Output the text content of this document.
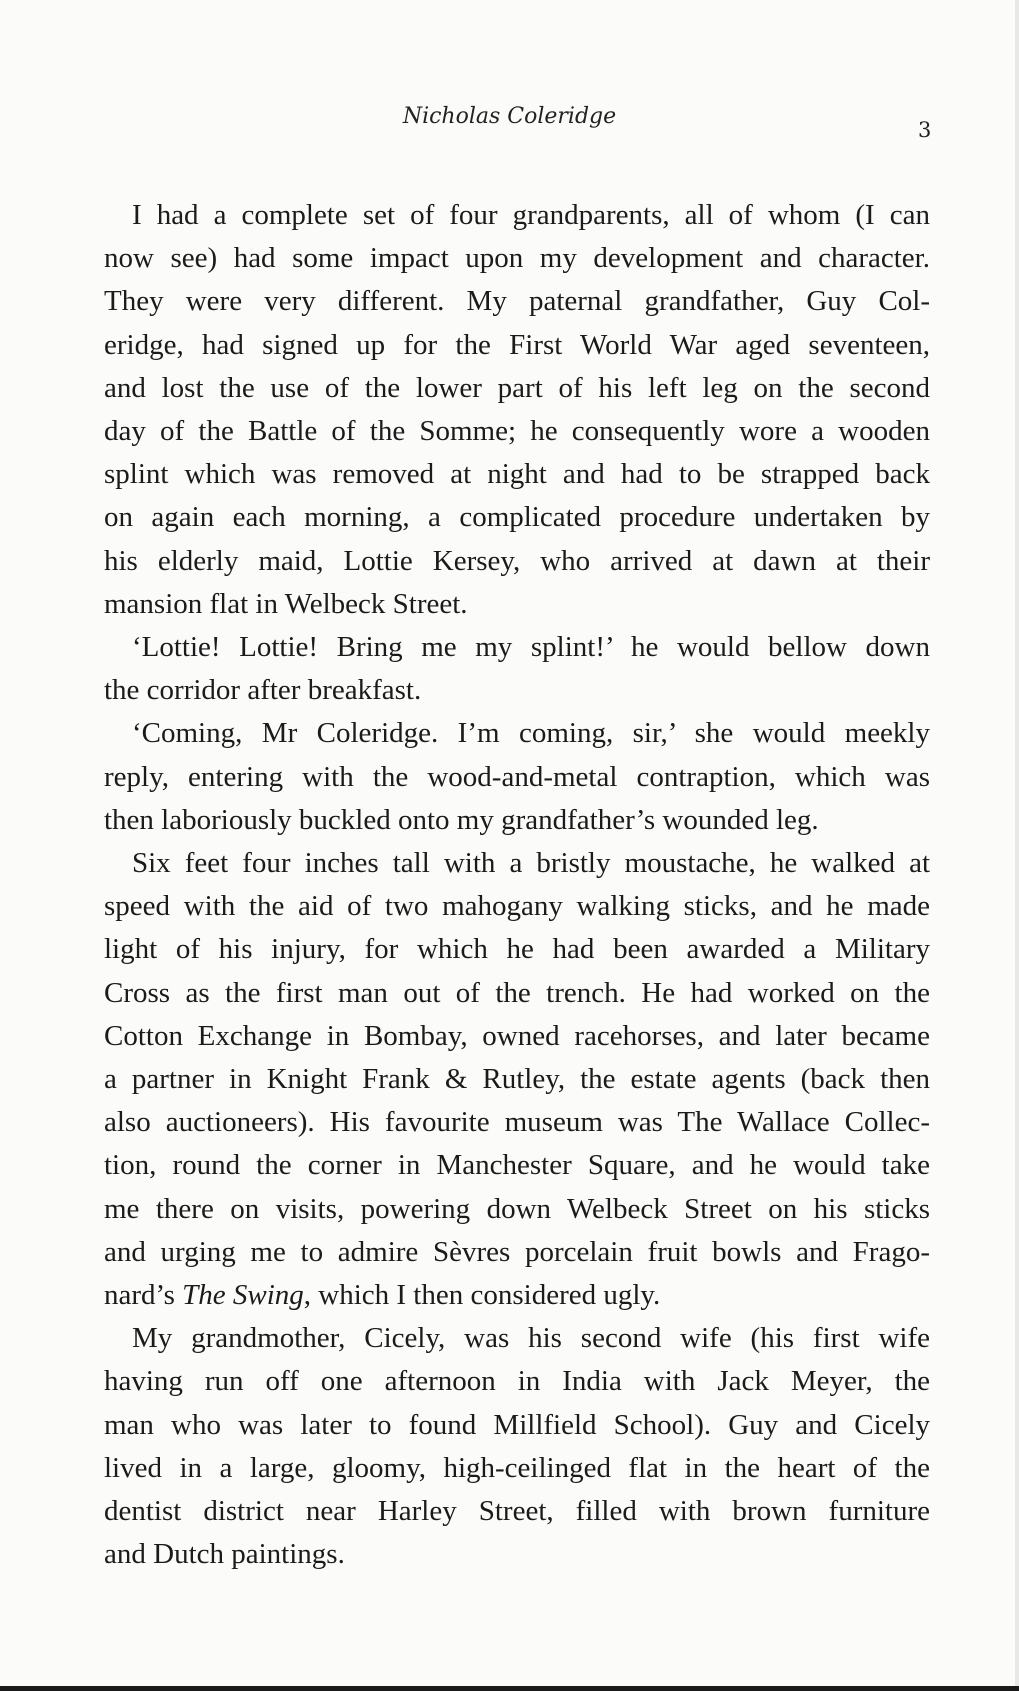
Nicholas Coleridge
3
I had a complete set of four grandparents, all of whom (I can
now see) had some impact upon my development and character.
They were very different. My paternal grandfather, Guy Col-
eridge, had signed up for the First World War aged seventeen,
and lost the use of the lower part of his left leg on the second
day of the Battle of the Somme; he consequently wore a wooden
splint which was removed at night and had to be strapped back
on again each morning, a complicated procedure undertaken by
his elderly maid, Lottie Kersey, who arrived at dawn at their
mansion flat in Welbeck Street.
‘Lottie! Lottie! Bring me my splint!’ he would bellow down
the corridor after breakfast.
‘Coming, Mr Coleridge. I’m coming, sir,’ she would meekly
reply, entering with the wood-and-metal contraption, which was
then laboriously buckled onto my grandfather’s wounded leg.
Six feet four inches tall with a bristly moustache, he walked at
speed with the aid of two mahogany walking sticks, and he made
light of his injury, for which he had been awarded a Military
Cross as the first man out of the trench. He had worked on the
Cotton Exchange in Bombay, owned racehorses, and later became
a partner in Knight Frank & Rutley, the estate agents (back then
also auctioneers). His favourite museum was The Wallace Collec-
tion, round the corner in Manchester Square, and he would take
me there on visits, powering down Welbeck Street on his sticks
and urging me to admire Sèvres porcelain fruit bowls and Frago-
nard’s The Swing, which I then considered ugly.
My grandmother, Cicely, was his second wife (his first wife
having run off one afternoon in India with Jack Meyer, the
man who was later to found Millfield School). Guy and Cicely
lived in a large, gloomy, high-ceilinged flat in the heart of the
dentist district near Harley Street, filled with brown furniture
and Dutch paintings.
